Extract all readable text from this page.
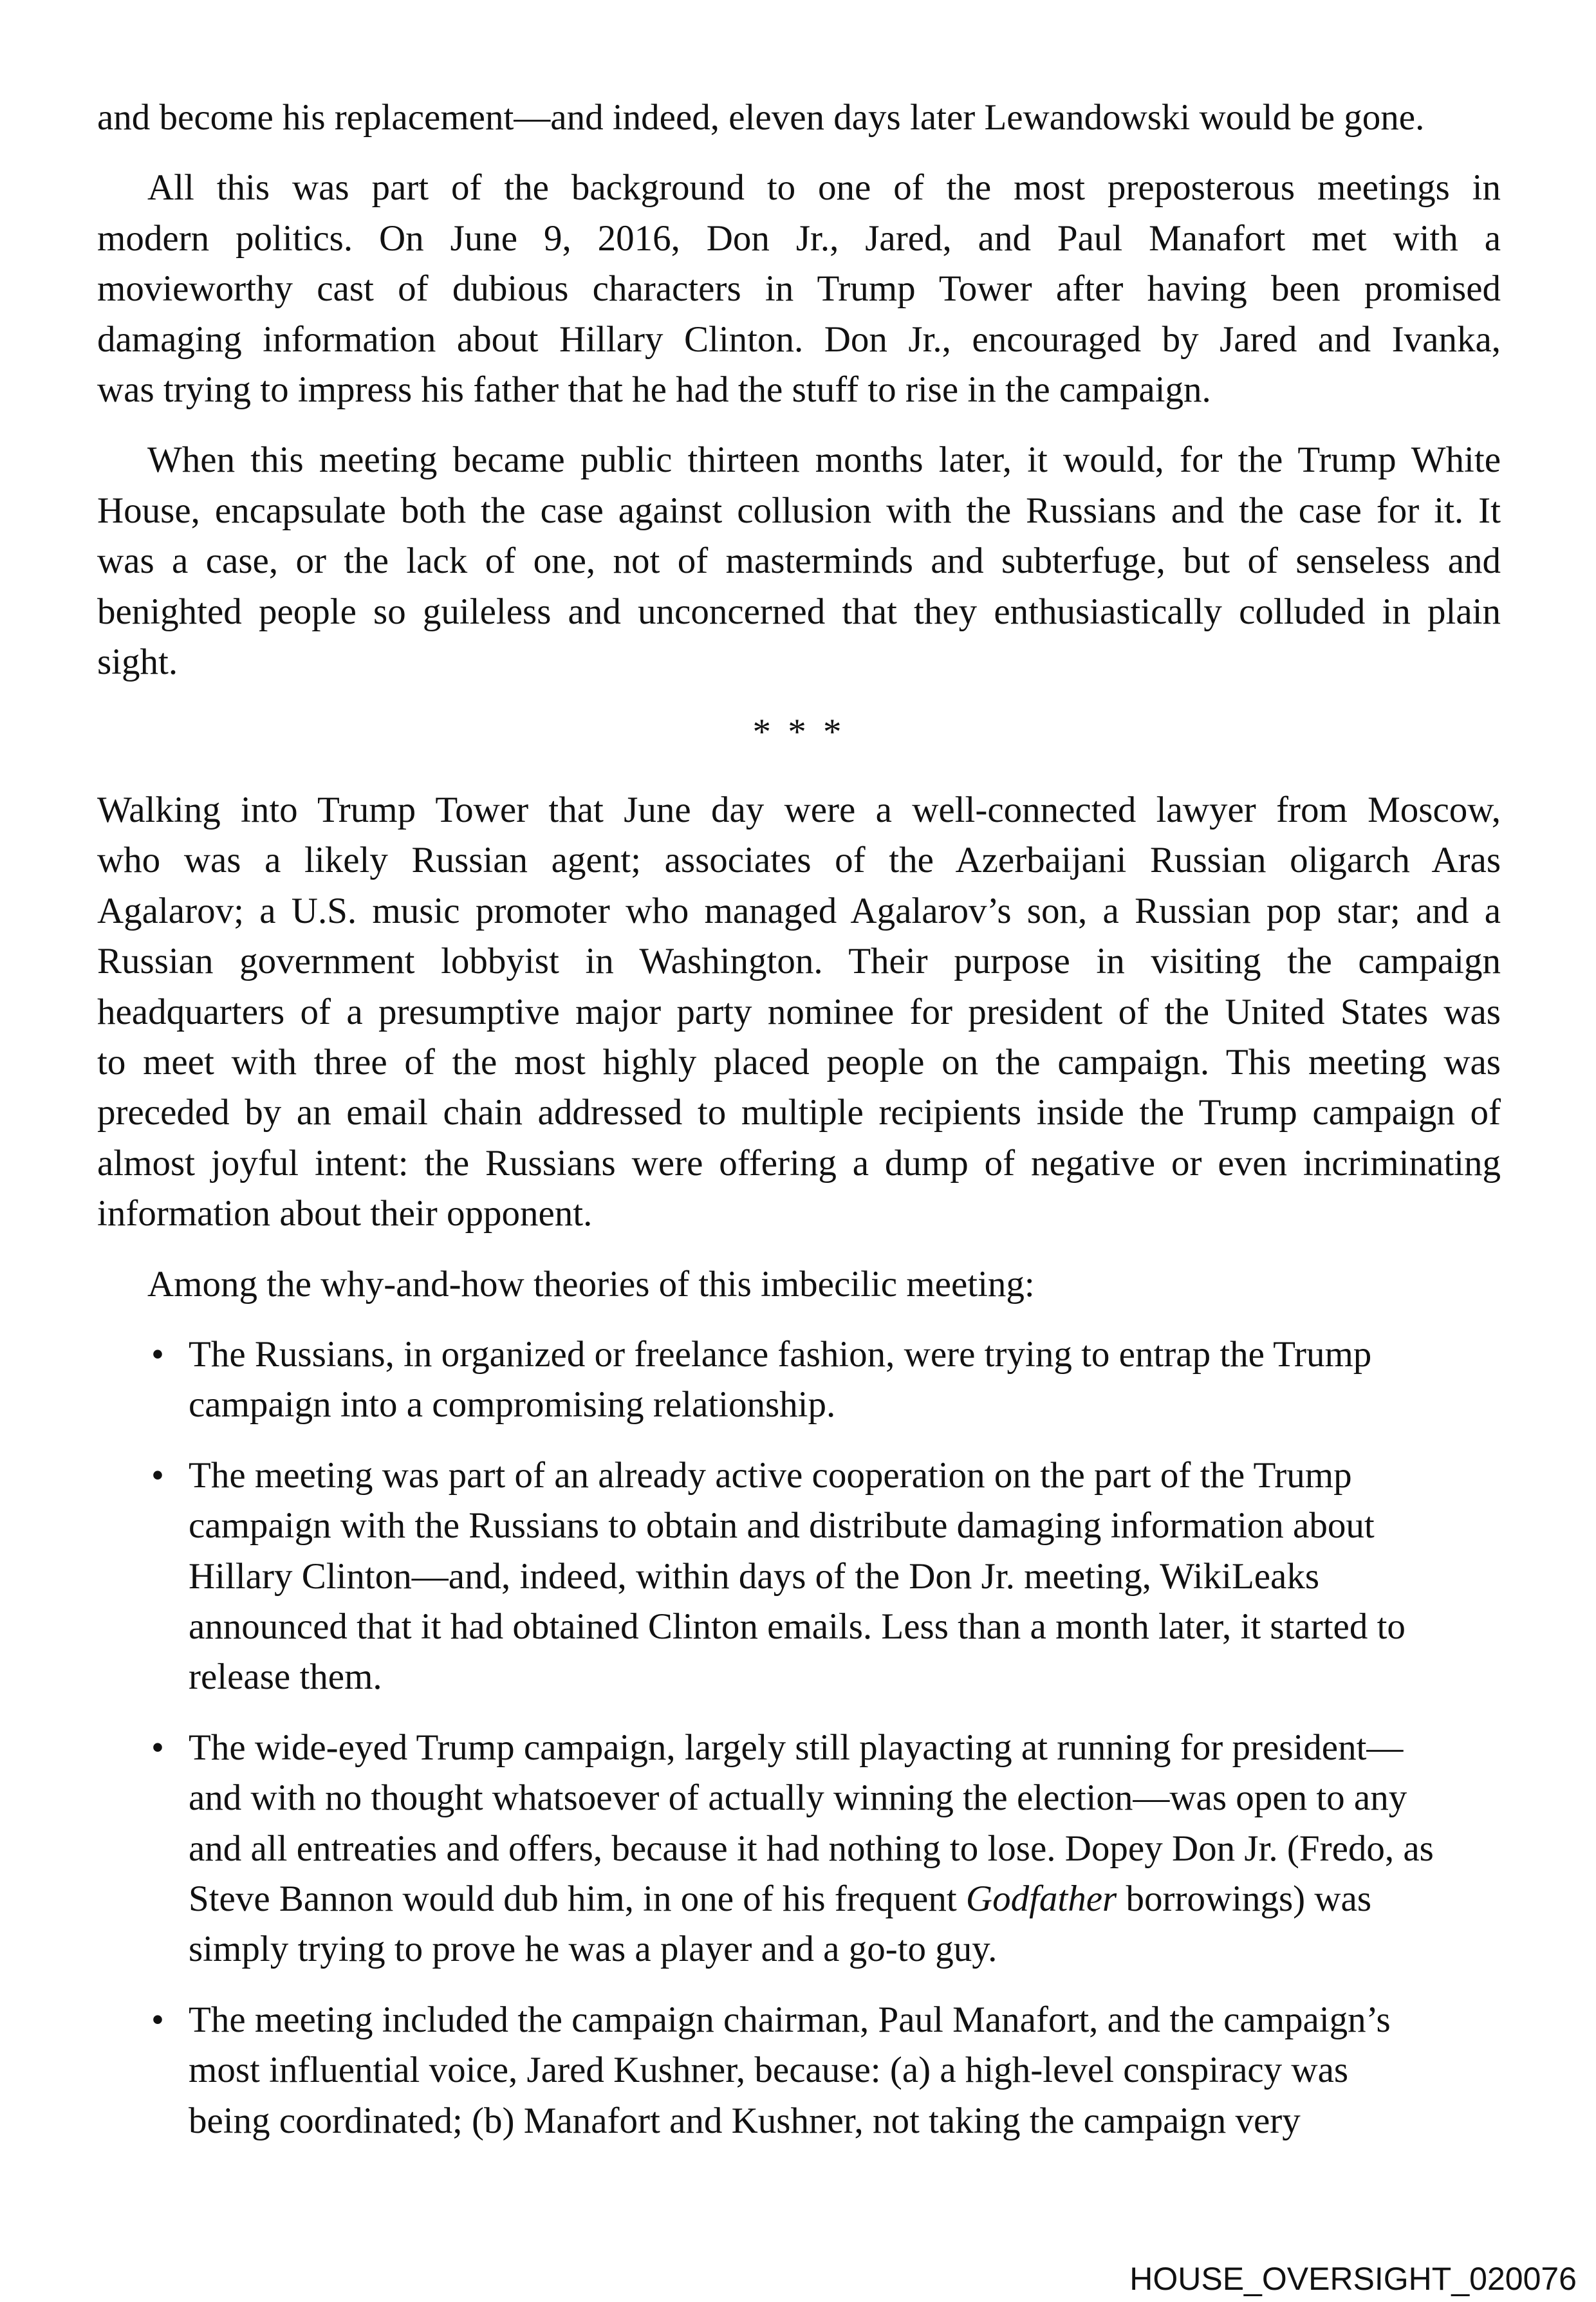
and become his replacement—and indeed, eleven days later Lewandowski would be gone.
All this was part of the background to one of the most preposterous meetings in
modern politics. On June 9, 2016, Don Jr., Jared, and Paul Manafort met with a
movieworthy cast of dubious characters in Trump Tower after having been promised
damaging information about Hillary Clinton. Don Jr., encouraged by Jared and Ivanka,
was trying to impress his father that he had the stuff to rise in the campaign.
When this meeting became public thirteen months later, it would, for the Trump White
House, encapsulate both the case against collusion with the Russians and the case for it. It
was a case, or the lack of one, not of masterminds and subterfuge, but of senseless and
benighted people so guileless and unconcerned that they enthusiastically colluded in plain
sight.
* * *
Walking into Trump Tower that June day were a well-connected lawyer from Moscow,
who was a likely Russian agent; associates of the Azerbaijani Russian oligarch Aras
Agalarov; a U.S. music promoter who managed Agalarov’s son, a Russian pop star; and a
Russian government lobbyist in Washington. Their purpose in visiting the campaign
headquarters of a presumptive major party nominee for president of the United States was
to meet with three of the most highly placed people on the campaign. This meeting was
preceded by an email chain addressed to multiple recipients inside the Trump campaign of
almost joyful intent: the Russians were offering a dump of negative or even incriminating
information about their opponent.
Among the why-and-how theories of this imbecilic meeting:
• The Russians, in organized or freelance fashion, were trying to entrap the Trump
campaign into a compromising relationship.
• The meeting was part of an already active cooperation on the part of the Trump
campaign with the Russians to obtain and distribute damaging information about
Hillary Clinton—and, indeed, within days of the Don Jr. meeting, WikiLeaks
announced that it had obtained Clinton emails. Less than a month later, it started to
release them.
• The wide-eyed Trump campaign, largely still playacting at running for president—
and with no thought whatsoever of actually winning the election—was open to any
and all entreaties and offers, because it had nothing to lose. Dopey Don Jr. (Fredo, as
Steve Bannon would dub him, in one of his frequent Godfather borrowings) was
simply trying to prove he was a player and a go-to guy.
• The meeting included the campaign chairman, Paul Manafort, and the campaign’s
most influential voice, Jared Kushner, because: (a) a high-level conspiracy was
being coordinated; (b) Manafort and Kushner, not taking the campaign very
HOUSE_OVERSIGHT_020076
